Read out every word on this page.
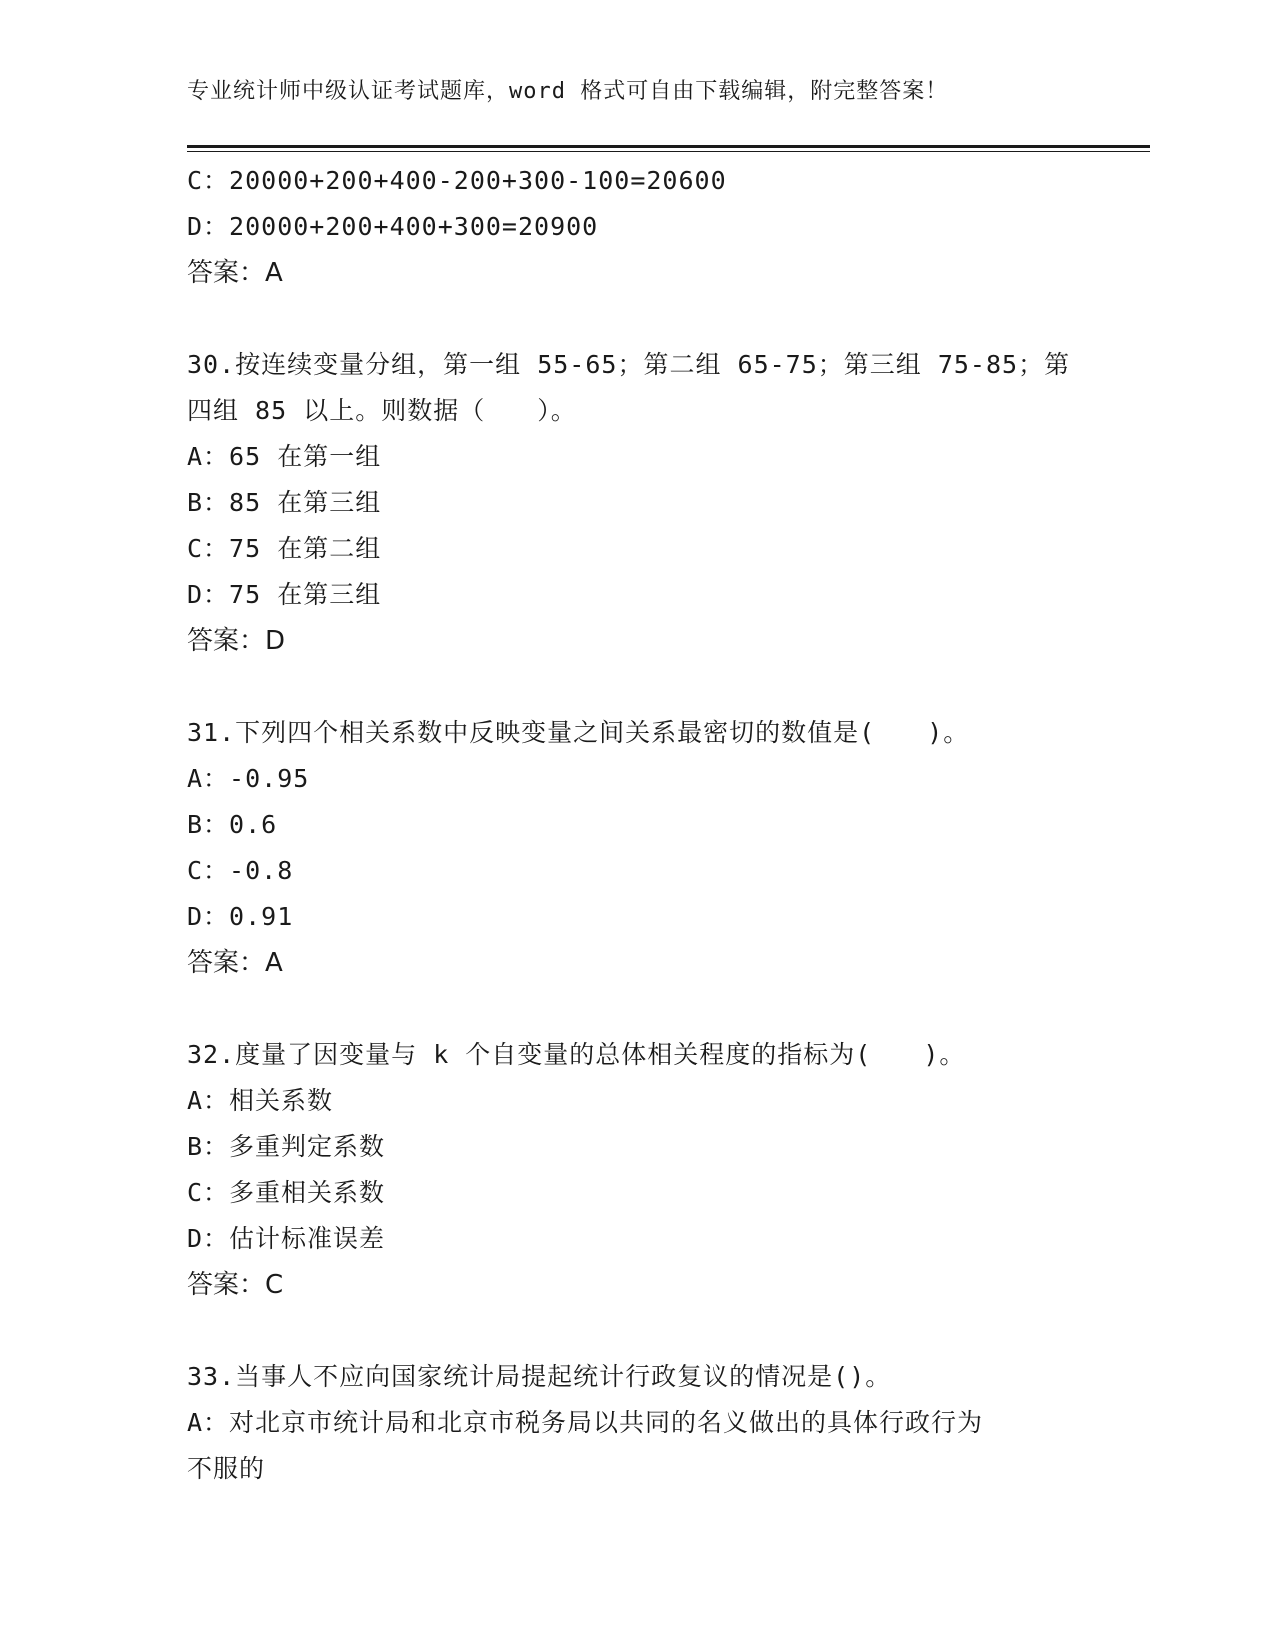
专业统计师中级认证考试题库，word 格式可自由下载编辑，附完整答案！
C：20000+200+400-200+300-100=20600
D：20000+200+400+300=20900
答案：A
30.按连续变量分组，第一组 55-65；第二组 65-75；第三组 75-85；第
四组 85 以上。则数据（　　）。
A：65 在第一组
B：85 在第三组
C：75 在第二组
D：75 在第三组
答案：D
31.下列四个相关系数中反映变量之间关系最密切的数值是(　　)。
A：-0.95
B：0.6
C：-0.8
D：0.91
答案：A
32.度量了因变量与 k 个自变量的总体相关程度的指标为(　　)。
A：相关系数
B：多重判定系数
C：多重相关系数
D：估计标准误差
答案：C
33.当事人不应向国家统计局提起统计行政复议的情况是()。
A：对北京市统计局和北京市税务局以共同的名义做出的具体行政行为
不服的
